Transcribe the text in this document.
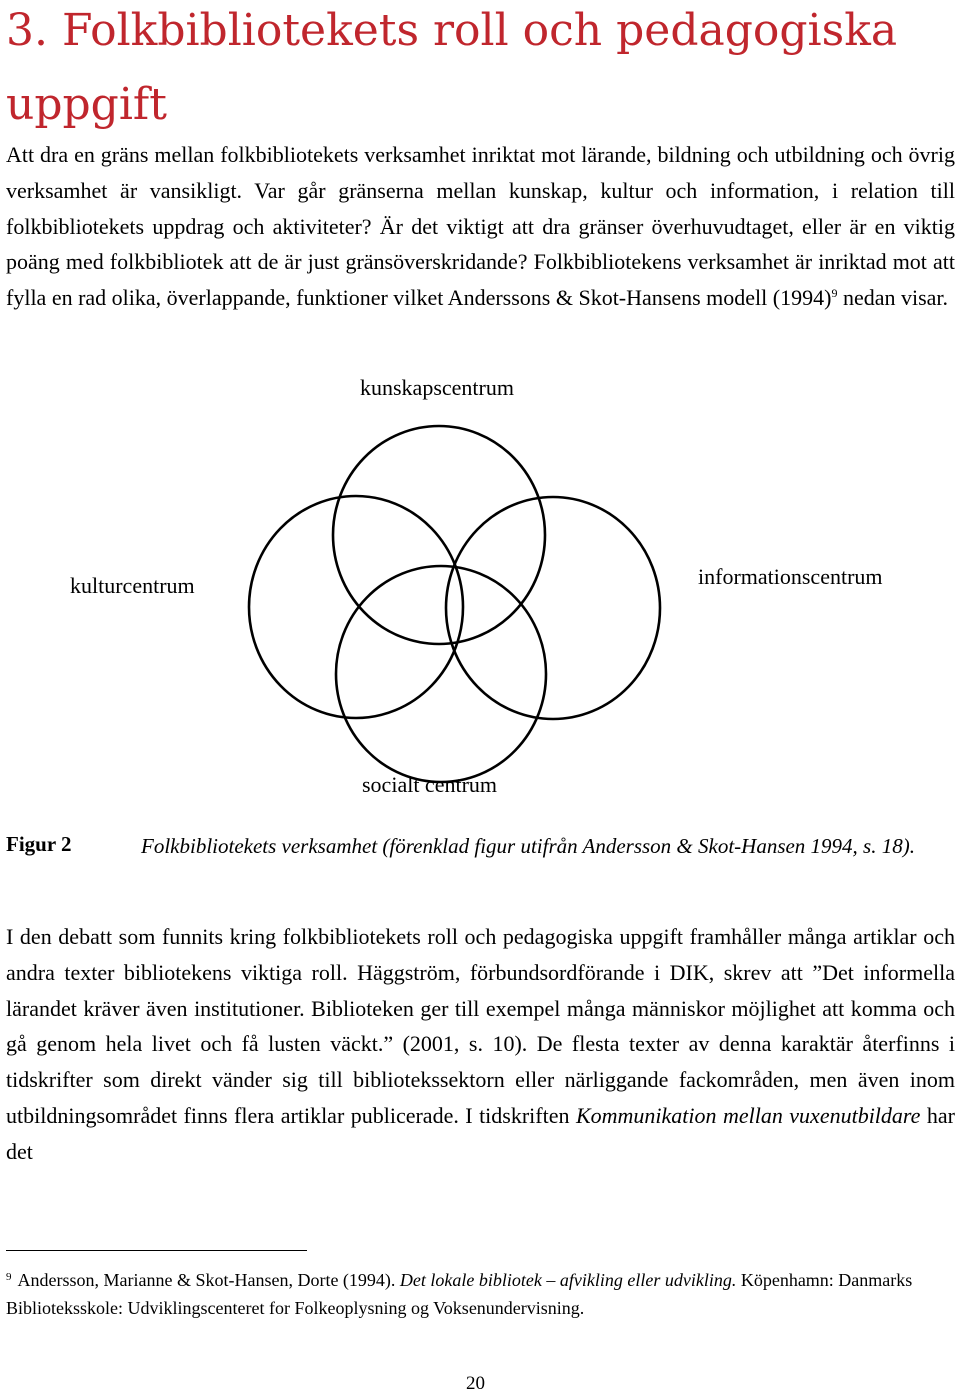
3. Folkbibliotekets roll och pedagogiska uppgift

Att dra en gräns mellan folkbibliotekets verksamhet inriktat mot lärande, bildning och utbildning och övrig verksamhet är vansikligt. Var går gränserna mellan kunskap, kultur och information, i relation till folkbibliotekets uppdrag och aktiviteter? Är det viktigt att dra gränser överhuvudtaget, eller är en viktig poäng med folkbibliotek att de är just gränsöverskridande? Folkbibliotekens verksamhet är inriktad mot att fylla en rad olika, överlappande, funktioner vilket Anderssons & Skot-Hansens modell $(1994)^9$ nedan visar.

kunskapscentrum
kulturcentrum	informationscentrum
socialt centrum
Figur 2	Folkbibliotekets verksamhet (förenklad figur utifrån Andersson & Skot-Hansen 1994, s. 18).

I den debatt som funnits kring folkbibliotekets roll och pedagogiska uppgift framhåller många artiklar och andra texter bibliotekens viktiga roll. Häggström, förbundsordförande i DIK, skrev att ”Det informella lärandet kräver även institutioner. Biblioteken ger till exempel många människor möjlighet att komma och gå genom hela livet och få lusten väckt.” (2001, s. 10). De flesta texter av denna karaktär återfinns i tidskrifter som direkt vänder sig till bibliotekssektorn eller närliggande fackområden, men även inom utbildningsområdet finns flera artiklar publicerade. I tidskriften Kommunikation mellan vuxenutbildare har det

$^9$ Andersson, Marianne & Skot-Hansen, Dorte (1994). Det lokale bibliotek – afvikling eller udvikling. Köpenhamn: Danmarks Biblioteksskole: Udviklingscenteret for Folkeoplysning og Voksenundervisning.

20
